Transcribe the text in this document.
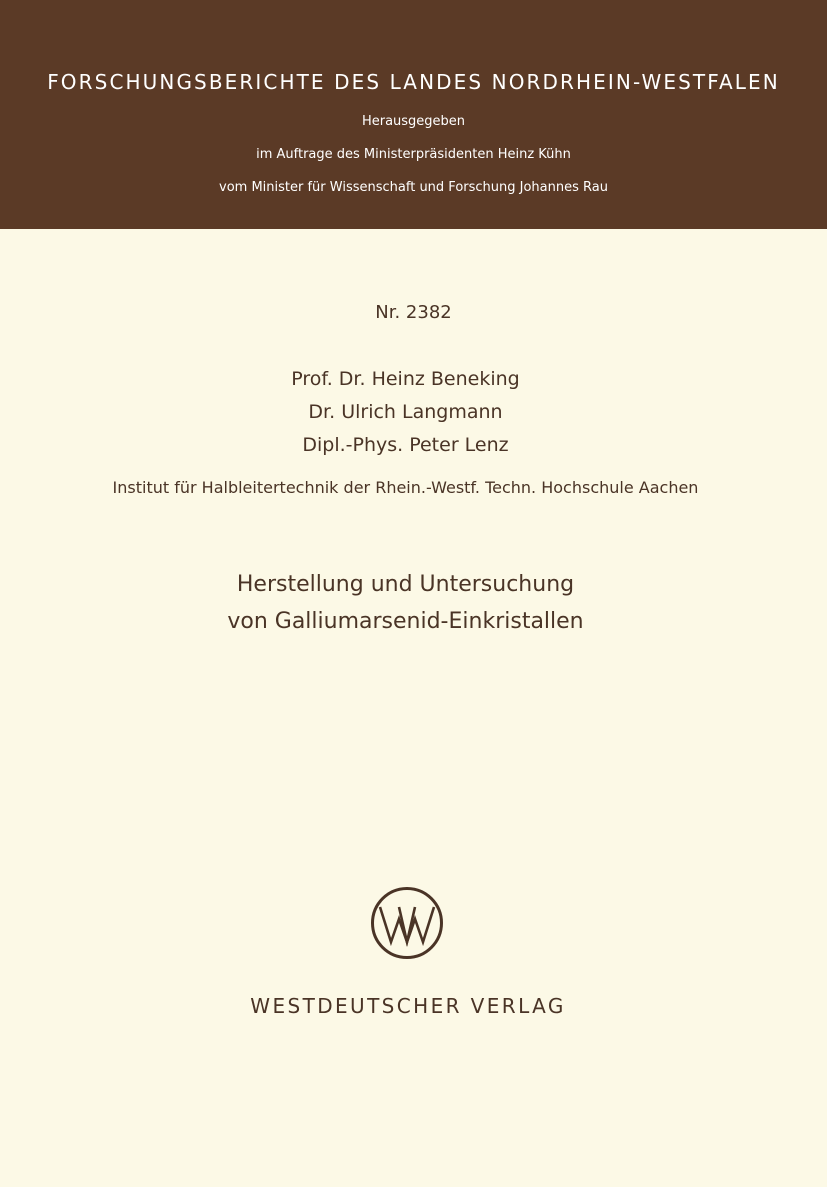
FORSCHUNGSBERICHTE DES LANDES NORDRHEIN-WESTFALEN
Herausgegeben
im Auftrage des Ministerpräsidenten Heinz Kühn
vom Minister für Wissenschaft und Forschung Johannes Rau
Nr. 2382
Prof. Dr. Heinz Beneking
Dr. Ulrich Langmann
Dipl.-Phys. Peter Lenz
Institut für Halbleitertechnik der Rhein.-Westf. Techn. Hochschule Aachen
Herstellung und Untersuchung
von Galliumarsenid-Einkristallen
WESTDEUTSCHER VERLAG
